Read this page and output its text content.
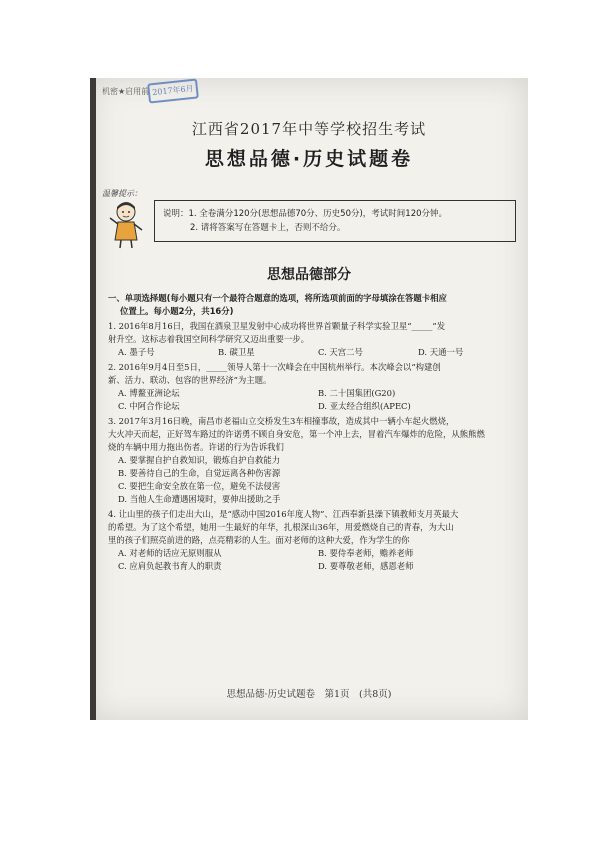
机密★启用前 2017年6月
江西省2017年中等学校招生考试
思想品德·历史试题卷
温馨提示：
说明：1. 全卷满分120分(思想品德70分、历史50分)，考试时间120分钟。
2. 请将答案写在答题卡上，否则不给分。
思想品德部分
一、单项选择题(每小题只有一个最符合题意的选项，将所选项前面的字母填涂在答题卡相应
位置上。每小题2分，共16分)
1. 2016年8月16日，我国在酒泉卫星发射中心成功将世界首颗量子科学实验卫星“_____”发
射升空。这标志着我国空间科学研究又迈出重要一步。
A. 墨子号	B. 碳卫星	C. 天宫二号	D. 天通一号
2. 2016年9月4日至5日，_____领导人第十一次峰会在中国杭州举行。本次峰会以“构建创
新、活力、联动、包容的世界经济”为主题。
A. 博鳌亚洲论坛	B. 二十国集团(G20)
C. 中阿合作论坛	D. 亚太经合组织(APEC)
3. 2017年3月16日晚，南昌市老福山立交桥发生3车相撞事故，造成其中一辆小车起火燃烧，
大火冲天而起，正好驾车路过的许诺勇不顾自身安危，第一个冲上去，冒着汽车爆炸的危险，从熊熊燃
烧的车辆中用力拖出伤者。许诺的行为告诉我们
A. 要掌握自护自救知识，锻炼自护自救能力
B. 要善待自己的生命，自觉远离各种伤害源
C. 要把生命安全放在第一位，避免不法侵害
D. 当他人生命遭遇困境时，要伸出援助之手
4. 让山里的孩子们走出大山，是“感动中国2016年度人物”、江西奉新县澡下镇教师支月英最大
的希望。为了这个希望，她用一生最好的年华，扎根深山36年，用爱燃烧自己的青春，为大山
里的孩子们照亮前进的路，点亮精彩的人生。面对老师的这种大爱，作为学生的你
A. 对老师的话应无原则服从	B. 要侍奉老师，赡养老师
C. 应肩负起教书育人的职责	D. 要尊敬老师，感恩老师
思想品德·历史试题卷　第1页　(共8页)
